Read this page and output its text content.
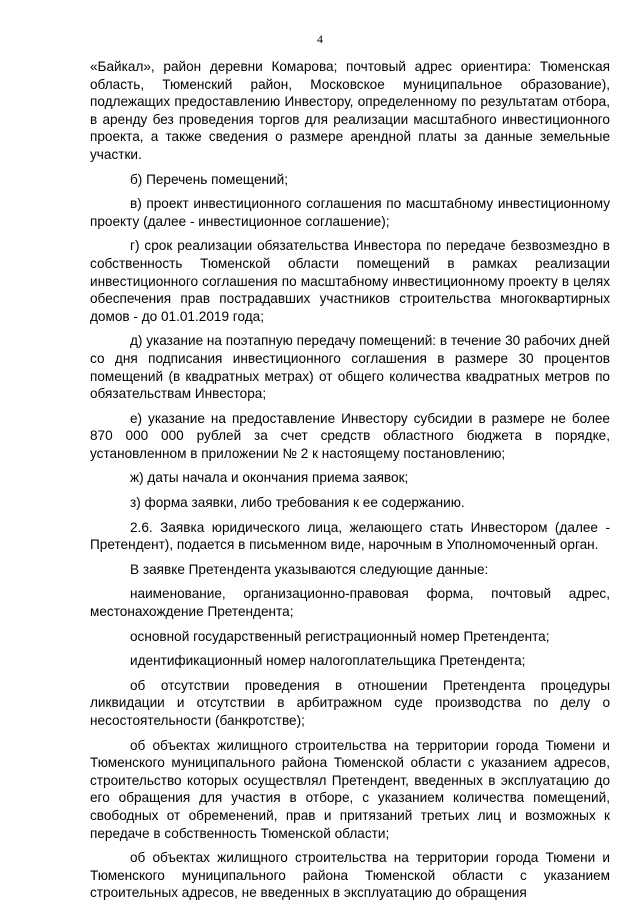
4

«Байкал», район деревни Комарова; почтовый адрес ориентира: Тюменская область, Тюменский район, Московское муниципальное образование), подлежащих предоставлению Инвестору, определенному по результатам отбора, в аренду без проведения торгов для реализации масштабного инвестиционного проекта, а также сведения о размере арендной платы за данные земельные участки.

б) Перечень помещений;

в) проект инвестиционного соглашения по масштабному инвестиционному проекту (далее - инвестиционное соглашение);

г) срок реализации обязательства Инвестора по передаче безвозмездно в собственность Тюменской области помещений в рамках реализации инвестиционного соглашения по масштабному инвестиционному проекту в целях обеспечения прав пострадавших участников строительства многоквартирных домов - до 01.01.2019 года;

д) указание на поэтапную передачу помещений: в течение 30 рабочих дней со дня подписания инвестиционного соглашения в размере 30 процентов помещений (в квадратных метрах) от общего количества квадратных метров по обязательствам Инвестора;

е) указание на предоставление Инвестору субсидии в размере не более 870 000 000 рублей за счет средств областного бюджета в порядке, установленном в приложении № 2 к настоящему постановлению;

ж) даты начала и окончания приема заявок;

з) форма заявки, либо требования к ее содержанию.

2.6. Заявка юридического лица, желающего стать Инвестором (далее - Претендент), подается в письменном виде, нарочным в Уполномоченный орган.

В заявке Претендента указываются следующие данные:

наименование, организационно-правовая форма, почтовый адрес, местонахождение Претендента;

основной государственный регистрационный номер Претендента;

идентификационный номер налогоплательщика Претендента;

об отсутствии проведения в отношении Претендента процедуры ликвидации и отсутствии в арбитражном суде производства по делу о несостоятельности (банкротстве);

об объектах жилищного строительства на территории города Тюмени и Тюменского муниципального района Тюменской области с указанием адресов, строительство которых осуществлял Претендент, введенных в эксплуатацию до его обращения для участия в отборе, с указанием количества помещений, свободных от обременений, прав и притязаний третьих лиц и возможных к передаче в собственность Тюменской области;

об объектах жилищного строительства на территории города Тюмени и Тюменского муниципального района Тюменской области с указанием строительных адресов, не введенных в эксплуатацию до обращения
